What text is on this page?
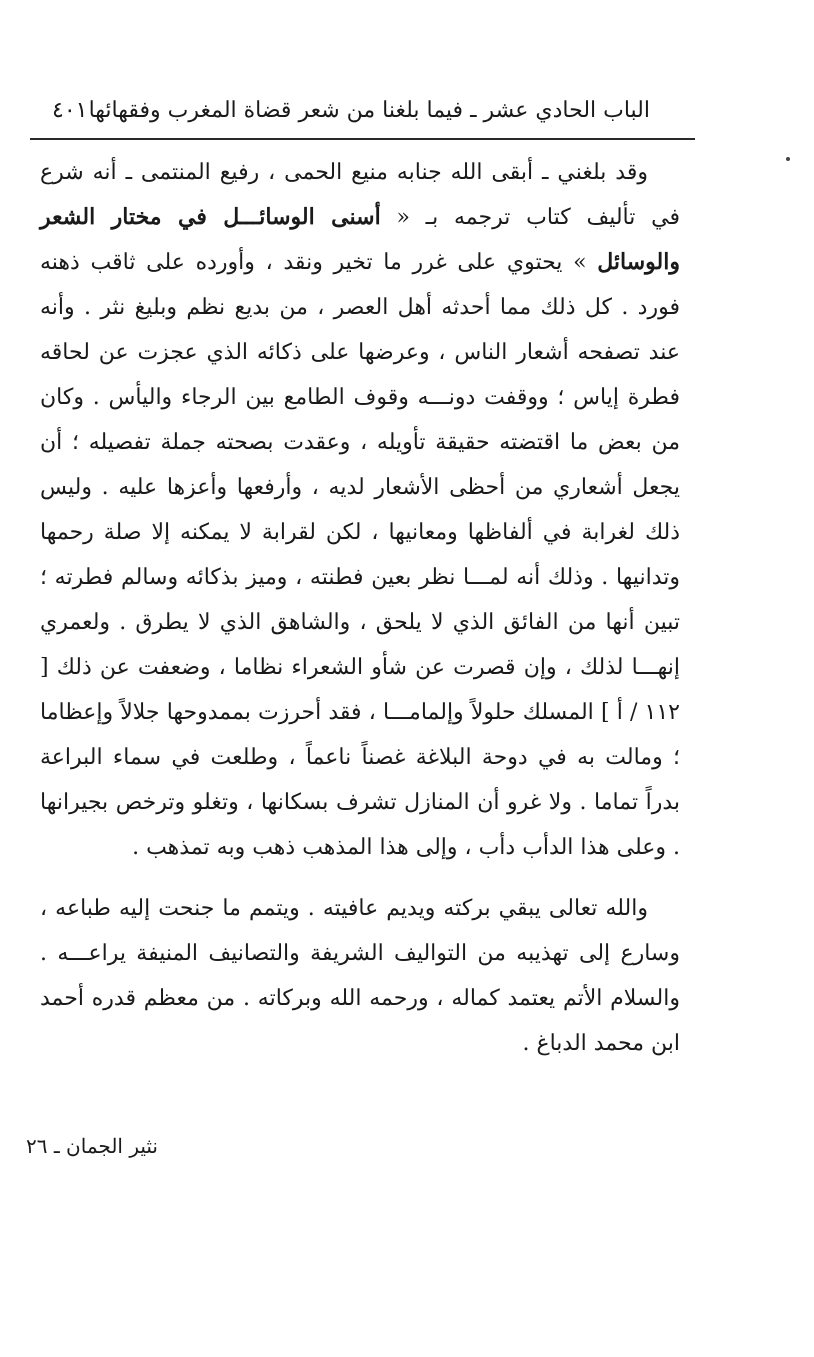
الباب الحادي عشر ـ فيما بلغنا من شعر قضاة المغرب وفقهائها
٤٠١

وقد بلغني ـ أبقى الله جنابه منيع الحمى ، رفيع المنتمى ـ أنه شرع في تأليف كتاب ترجمه بـ « أسنى الوسائـــل في مختار الشعر والوسائل » يحتوي على غرر ما تخير ونقد ، وأورده على ثاقب ذهنه فورد . كل ذلك مما أحدثه أهل العصر ، من بديع نظم وبليغ نثر . وأنه عند تصفحه أشعار الناس ، وعرضها على ذكائه الذي عجزت عن لحاقه فطرة إياس ؛ ووقفت دونـــه وقوف الطامع بين الرجاء واليأس . وكان من بعض ما اقتضته حقيقة تأويله ، وعقدت بصحته جملة تفصيله ؛ أن يجعل أشعاري من أحظى الأشعار لديه ، وأرفعها وأعزها عليه . وليس ذلك لغرابة في ألفاظها ومعانيها ، لكن لقرابة لا يمكنه إلا صلة رحمها وتدانيها . وذلك أنه لمـــا نظر بعين فطنته ، وميز بذكائه وسالم فطرته ؛ تبين أنها من الفائق الذي لا يلحق ، والشاهق الذي لا يطرق . ولعمري إنهـــا لذلك ، وإن قصرت عن شأو الشعراء نظاما ، وضعفت عن ذلك [ ١١٢ / أ ] المسلك حلولاً وإلمامـــا ، فقد أحرزت بممدوحها جلالاً وإعظاما ؛ ومالت به في دوحة البلاغة غصناً ناعماً ، وطلعت في سماء البراعة بدراً تماما . ولا غرو أن المنازل تشرف بسكانها ، وتغلو وترخص بجيرانها . وعلى هذا الدأب دأب ، وإلى هذا المذهب ذهب وبه تمذهب .

والله تعالى يبقي بركته ويديم عافيته . ويتمم ما جنحت إليه طباعه ، وسارع إلى تهذيبه من التواليف الشريفة والتصانيف المنيفة يراعـــه . والسلام الأتم يعتمد كماله ، ورحمه الله وبركاته . من معظم قدره أحمد ابن محمد الدباغ .

نثير الجمان ـ ٢٦
